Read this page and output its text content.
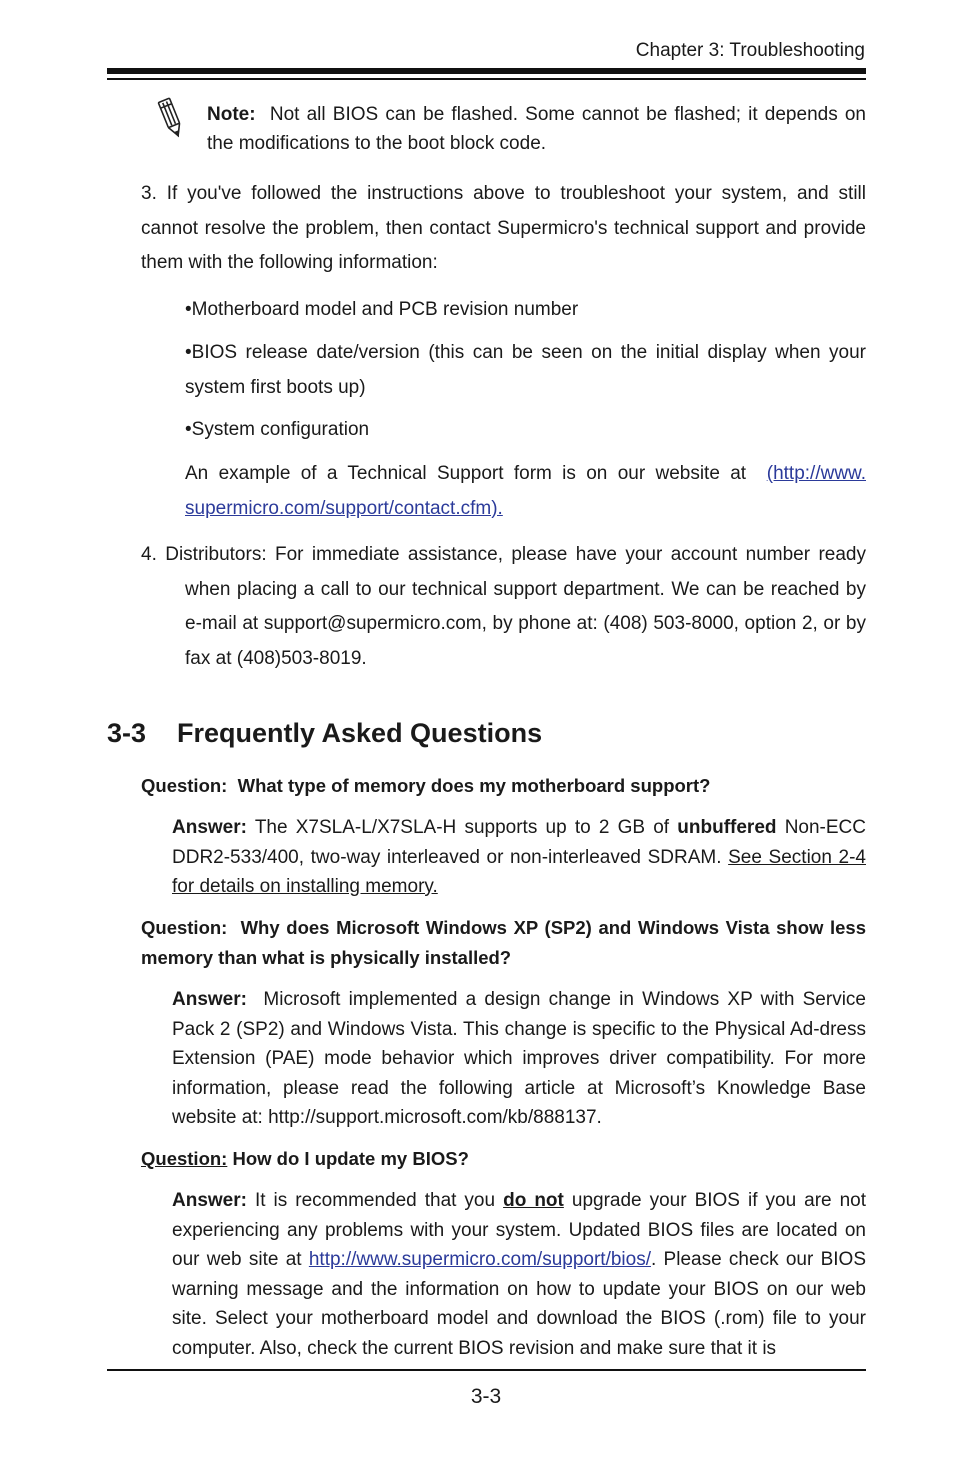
Chapter 3: Troubleshooting
Note: Not all BIOS can be flashed. Some cannot be flashed; it depends on the modifications to the boot block code.
3. If you've followed the instructions above to troubleshoot your system, and still cannot resolve the problem, then contact Supermicro's technical support and provide them with the following information:
•Motherboard model and PCB revision number
•BIOS release date/version (this can be seen on the initial display when your system first boots up)
•System configuration
An example of a Technical Support form is on our website at (http://www. supermicro.com/support/contact.cfm).
4. Distributors: For immediate assistance, please have your account number ready
when placing a call to our technical support department. We can be reached by e-mail at support@supermicro.com, by phone at: (408) 503-8000, option 2, or by fax at (408)503-8019.
3-3 Frequently Asked Questions
Question: What type of memory does my motherboard support?
Answer: The X7SLA-L/X7SLA-H supports up to 2 GB of unbuffered Non-ECC DDR2-533/400, two-way interleaved or non-interleaved SDRAM. See Section 2-4 for details on installing memory.
Question: Why does Microsoft Windows XP (SP2) and Windows Vista show less memory than what is physically installed?
Answer: Microsoft implemented a design change in Windows XP with Service Pack 2 (SP2) and Windows Vista. This change is specific to the Physical Ad-dress Extension (PAE) mode behavior which improves driver compatibility. For more information, please read the following article at Microsoft’s Knowledge Base website at: http://support.microsoft.com/kb/888137.
Question: How do I update my BIOS?
Answer: It is recommended that you do not upgrade your BIOS if you are not experiencing any problems with your system. Updated BIOS files are located on our web site at http://www.supermicro.com/support/bios/. Please check our BIOS warning message and the information on how to update your BIOS on our web site. Select your motherboard model and download the BIOS (.rom) file to your computer. Also, check the current BIOS revision and make sure that it is
3-3
